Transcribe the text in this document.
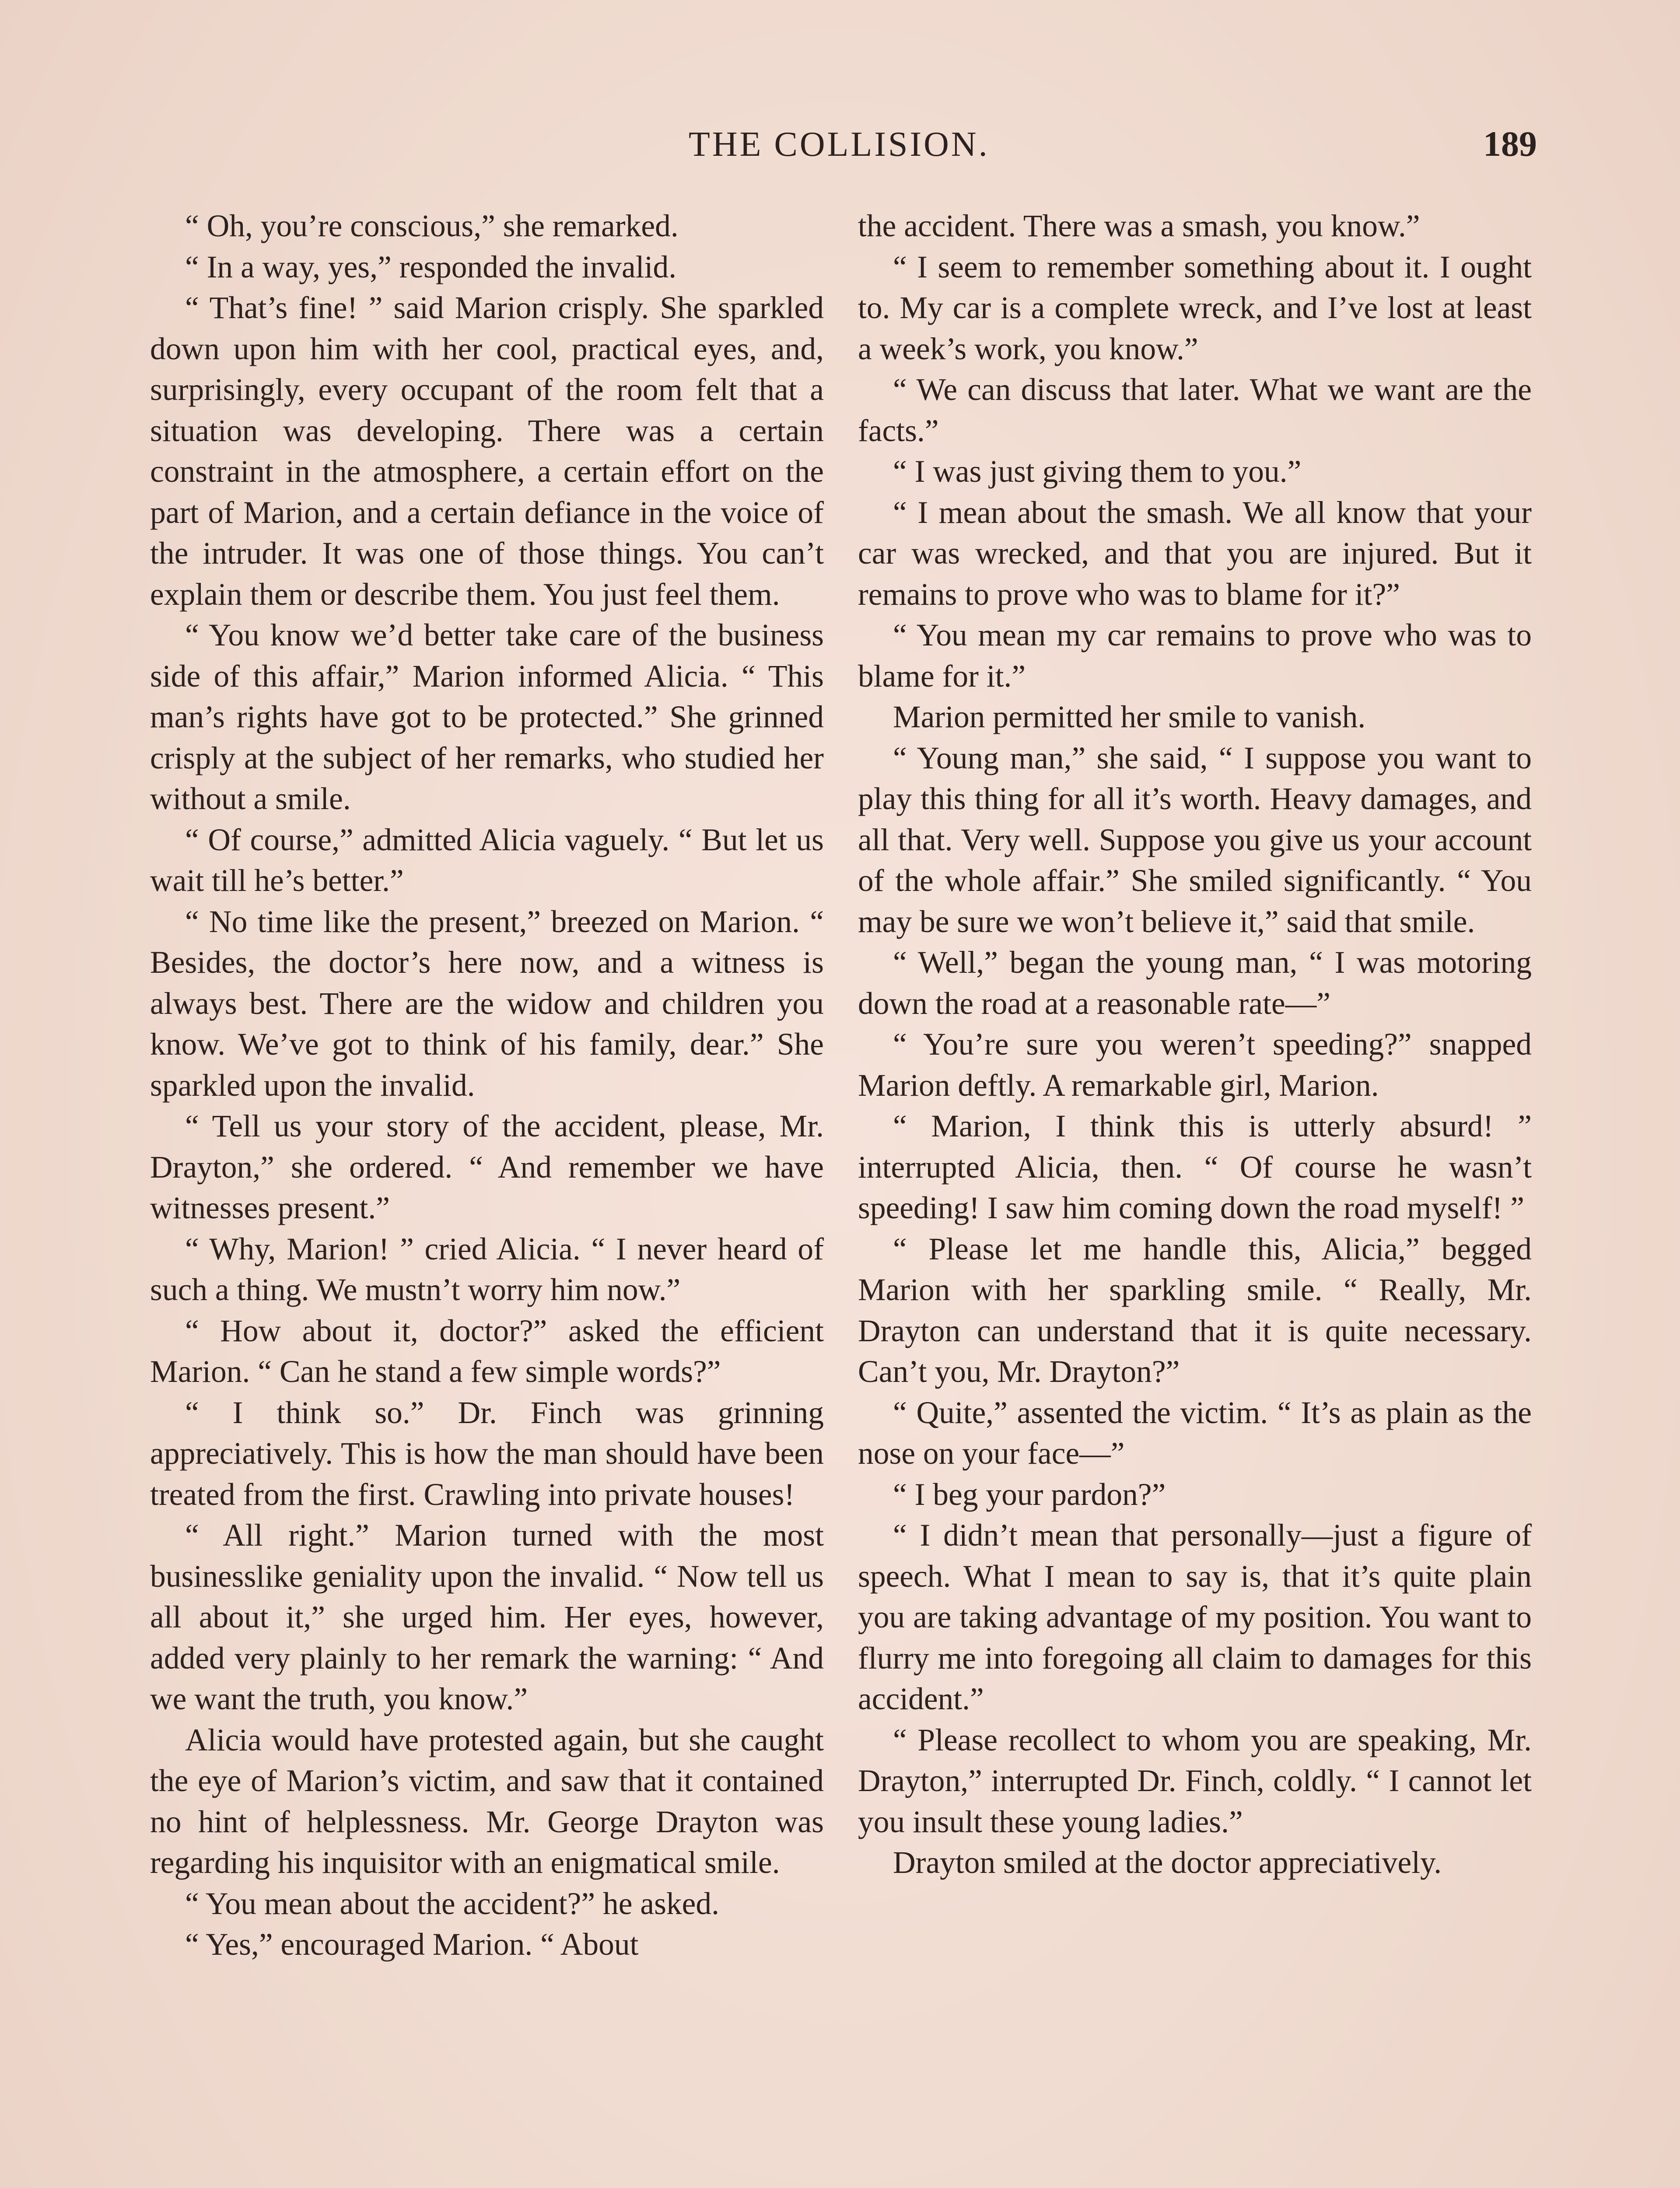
THE COLLISION.	189

“ Oh, you’re conscious,” she remarked.

“ In a way, yes,” responded the invalid.

“ That’s fine! ” said Marion crisply. She sparkled down upon him with her cool, practical eyes, and, surprisingly, every occupant of the room felt that a situation was developing. There was a certain constraint in the atmosphere, a certain effort on the part of Marion, and a certain defiance in the voice of the intruder. It was one of those things. You can’t explain them or describe them. You just feel them.

“ You know we’d better take care of the business side of this affair,” Marion informed Alicia. “ This man’s rights have got to be protected.” She grinned crisply at the subject of her remarks, who studied her without a smile.

“ Of course,” admitted Alicia vaguely. “ But let us wait till he’s better.”

“ No time like the present,” breezed on Marion. “ Besides, the doctor’s here now, and a witness is always best. There are the widow and children you know. We’ve got to think of his family, dear.” She sparkled upon the invalid.

“ Tell us your story of the accident, please, Mr. Drayton,” she ordered. “ And remember we have witnesses present.”

“ Why, Marion! ” cried Alicia. “ I never heard of such a thing. We mustn’t worry him now.”

“ How about it, doctor?” asked the efficient Marion. “ Can he stand a few simple words?”

“ I think so.” Dr. Finch was grinning appreciatively. This is how the man should have been treated from the first. Crawling into private houses!

“ All right.” Marion turned with the most businesslike geniality upon the invalid. “ Now tell us all about it,” she urged him. Her eyes, however, added very plainly to her remark the warning: “ And we want the truth, you know.”

Alicia would have protested again, but she caught the eye of Marion’s victim, and saw that it contained no hint of helplessness. Mr. George Drayton was regarding his inquisitor with an enigmatical smile.

“ You mean about the accident?” he asked.

“ Yes,” encouraged Marion. “ About

the accident. There was a smash, you know.”

“ I seem to remember something about it. I ought to. My car is a complete wreck, and I’ve lost at least a week’s work, you know.”

“ We can discuss that later. What we want are the facts.”

“ I was just giving them to you.”

“ I mean about the smash. We all know that your car was wrecked, and that you are injured. But it remains to prove who was to blame for it?”

“ You mean my car remains to prove who was to blame for it.”

Marion permitted her smile to vanish.

“ Young man,” she said, “ I suppose you want to play this thing for all it’s worth. Heavy damages, and all that. Very well. Suppose you give us your account of the whole affair.” She smiled significantly. “ You may be sure we won’t believe it,” said that smile.

“ Well,” began the young man, “ I was motoring down the road at a reasonable rate—”

“ You’re sure you weren’t speeding?” snapped Marion deftly. A remarkable girl, Marion.

“ Marion, I think this is utterly absurd! ” interrupted Alicia, then. “ Of course he wasn’t speeding! I saw him coming down the road myself! ”

“ Please let me handle this, Alicia,” begged Marion with her sparkling smile. “ Really, Mr. Drayton can understand that it is quite necessary. Can’t you, Mr. Drayton?”

“ Quite,” assented the victim. “ It’s as plain as the nose on your face—”

“ I beg your pardon?”

“ I didn’t mean that personally—just a figure of speech. What I mean to say is, that it’s quite plain you are taking advantage of my position. You want to flurry me into foregoing all claim to damages for this accident.”

“ Please recollect to whom you are speaking, Mr. Drayton,” interrupted Dr. Finch, coldly. “ I cannot let you insult these young ladies.”

Drayton smiled at the doctor appreciatively.
